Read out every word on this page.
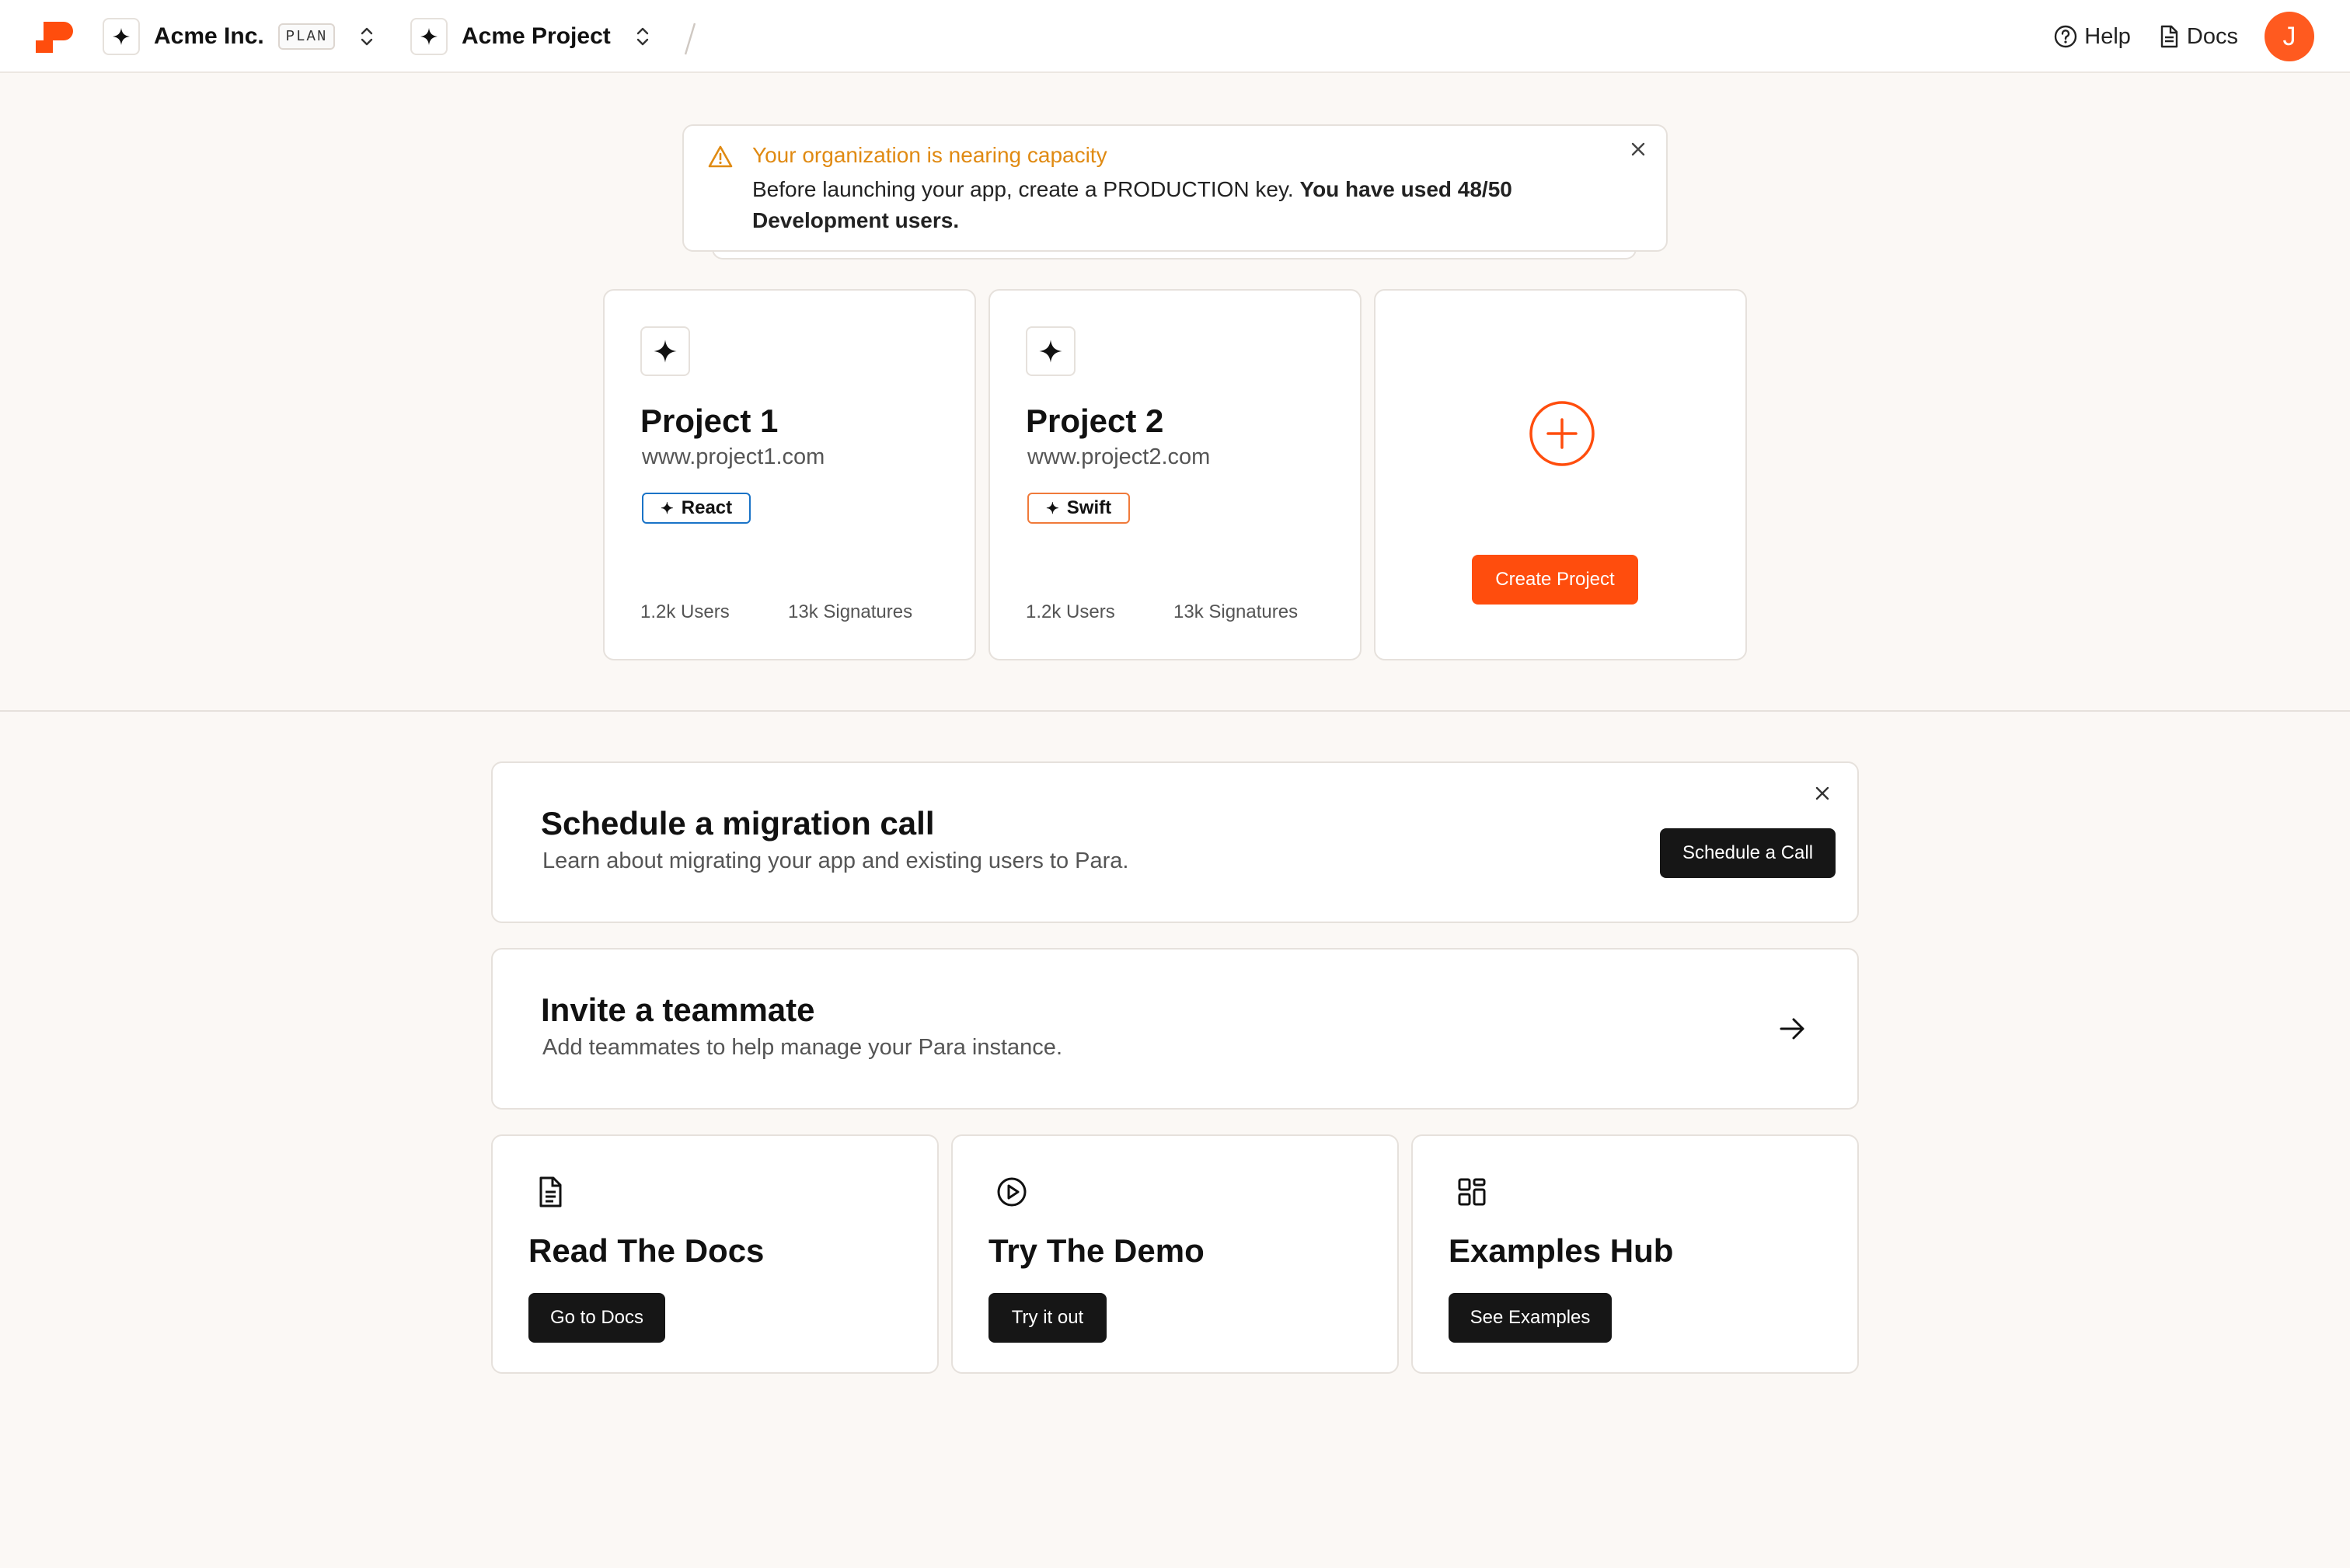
Acme Inc.	PLAN	Acme Project	Help Docs	J
Your organization is nearing capacity
Before launching your app, create a PRODUCTION key. You have used 48/50 Development users.
Project 1
www.project1.com
✦ React
1.2k Users	13k Signatures
Project 2
www.project2.com
✦ Swift
1.2k Users	13k Signatures
Create Project
Schedule a migration call
Learn about migrating your app and existing users to Para.	Schedule a Call
Invite a teammate
Add teammates to help manage your Para instance.
Read The Docs
Go to Docs
Try The Demo
Try it out
Examples Hub
See Examples
